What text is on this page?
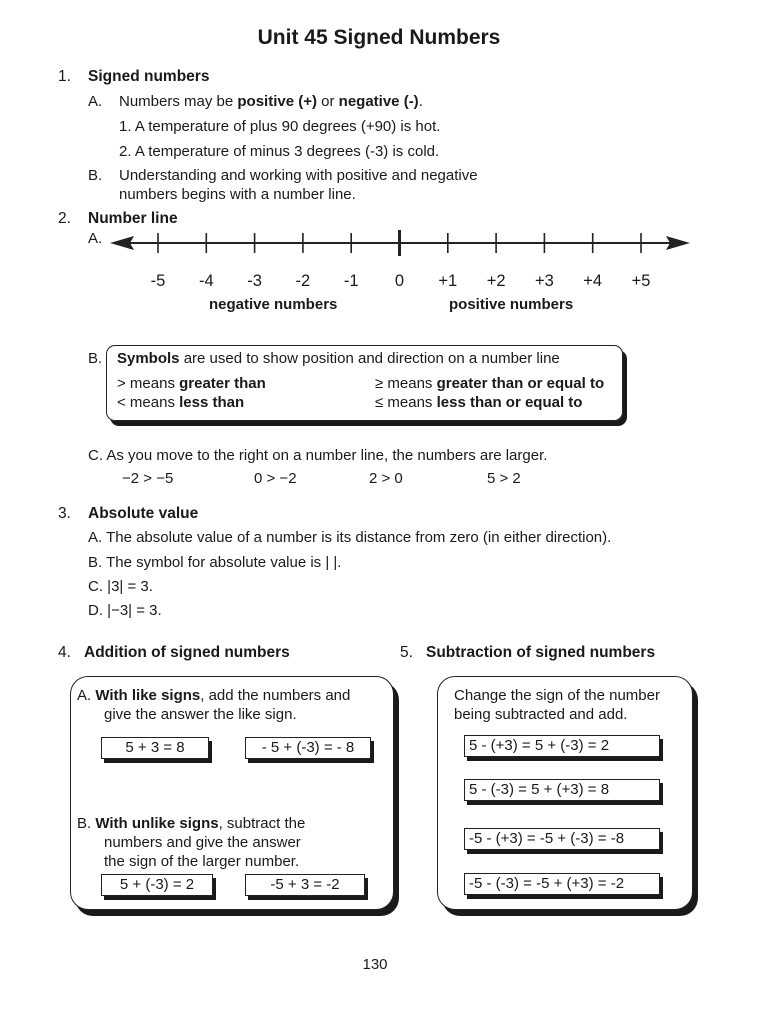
Unit 45 Signed Numbers
1. Signed numbers
A. Numbers may be positive (+) or negative (-).
1. A temperature of plus 90 degrees (+90) is hot.
2. A temperature of minus 3 degrees (-3) is cold.
B. Understanding and working with positive and negative
numbers begins with a number line.
2. Number line
A.
-5	-4	-3	-2	-1	0	+1	+2	+3	+4	+5
negative numbers	positive numbers
B. Symbols are used to show position and direction on a number line
> means greater than	≥ means greater than or equal to
< means less than	≤ means less than or equal to
C. As you move to the right on a number line, the numbers are larger.
−2 > −5	0 > −2	2 > 0	5 > 2
3. Absolute value
A. The absolute value of a number is its distance from zero (in either direction).
B. The symbol for absolute value is | |.
C. |3| = 3.
D. |−3| = 3.
4. Addition of signed numbers	5. Subtraction of signed numbers
A. With like signs, add the numbers and
give the answer the like sign.
5 + 3 = 8	- 5 + (-3) = - 8
B. With unlike signs, subtract the
numbers and give the answer
the sign of the larger number.
5 + (-3) = 2	-5 + 3 = -2
Change the sign of the number
being subtracted and add.
5 - (+3) = 5 + (-3) = 2
5 - (-3) = 5 + (+3) = 8
-5 - (+3) = -5 + (-3) = -8
-5 - (-3) = -5 + (+3) = -2
130
